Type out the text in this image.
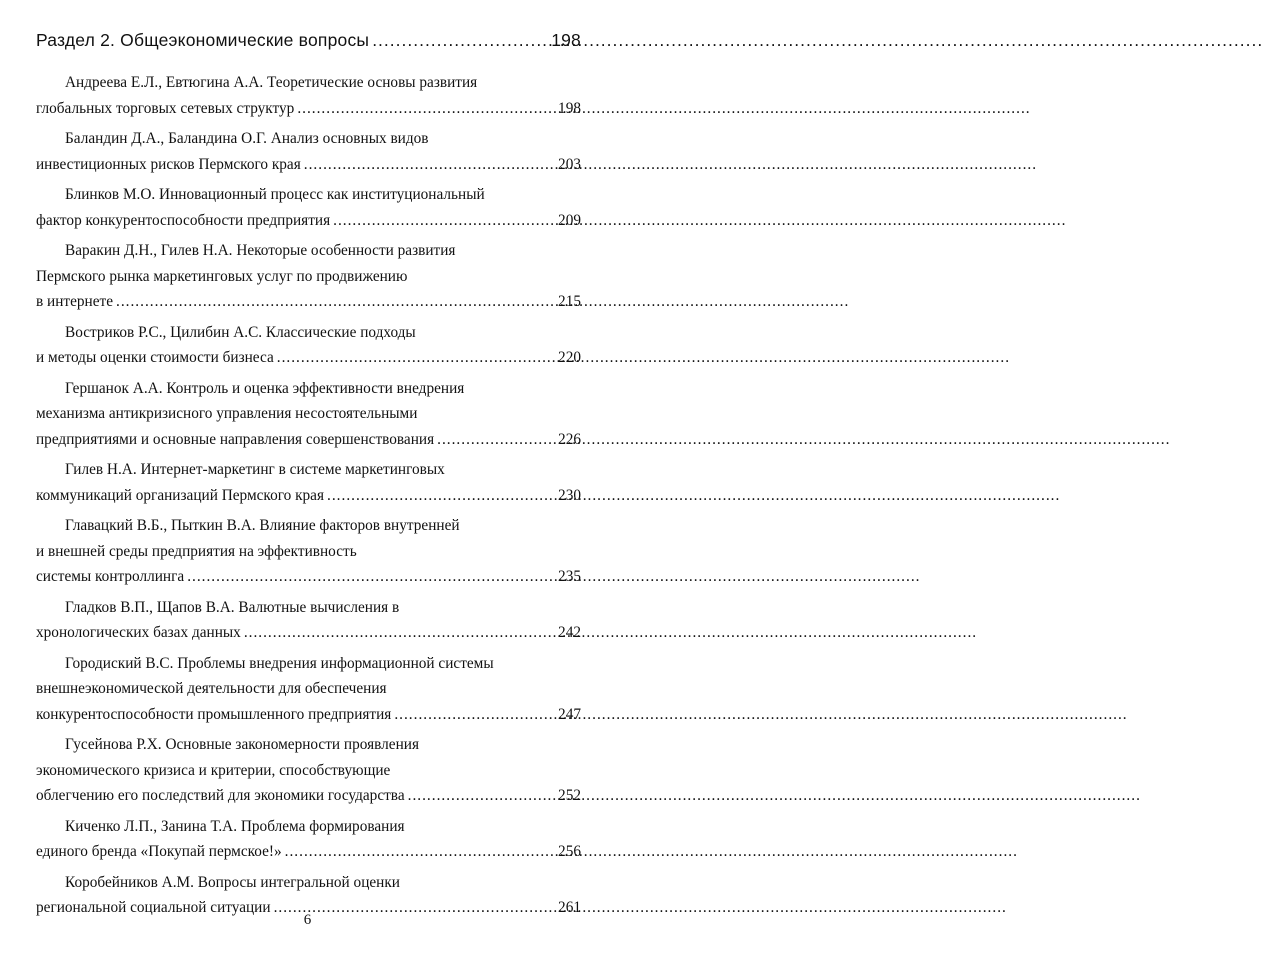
Раздел 2. Общеэкономические вопросы .....	198
Андреева Е.Л., Евтюгина А.А. Теоретические основы развития
глобальных торговых сетевых структур .....	198
Баландин Д.А., Баландина О.Г. Анализ основных видов
инвестиционных рисков Пермского края .....	203
Блинков М.О. Инновационный процесс как институциональный
фактор конкурентоспособности предприятия .....	209
Варакин Д.Н., Гилев Н.А. Некоторые особенности развития
Пермского рынка маркетинговых услуг по продвижению
в интернете .....	215
Востриков Р.С., Цилибин А.С. Классические подходы
и методы оценки стоимости бизнеса .....	220
Гершанок А.А. Контроль и оценка эффективности внедрения
механизма антикризисного управления несостоятельными
предприятиями и основные направления совершенствования .....	226
Гилев Н.А. Интернет-маркетинг в системе маркетинговых
коммуникаций организаций Пермского края .....	230
Главацкий В.Б., Пыткин В.А. Влияние факторов внутренней
и внешней среды предприятия на эффективность
системы контроллинга .....	235
Гладков В.П., Щапов В.А. Валютные вычисления в
хронологических базах данных .....	242
Городиский В.С. Проблемы внедрения информационной системы
внешнеэкономической деятельности для обеспечения
конкурентоспособности промышленного предприятия .....	247
Гусейнова Р.Х. Основные закономерности проявления
экономического кризиса и критерии, способствующие
облегчению его последствий для экономики государства .....	252
Киченко Л.П., Занина Т.А. Проблема формирования
единого бренда «Покупай пермское!» .....	256
Коробейников А.М. Вопросы интегральной оценки
региональной социальной ситуации .....	261
6
